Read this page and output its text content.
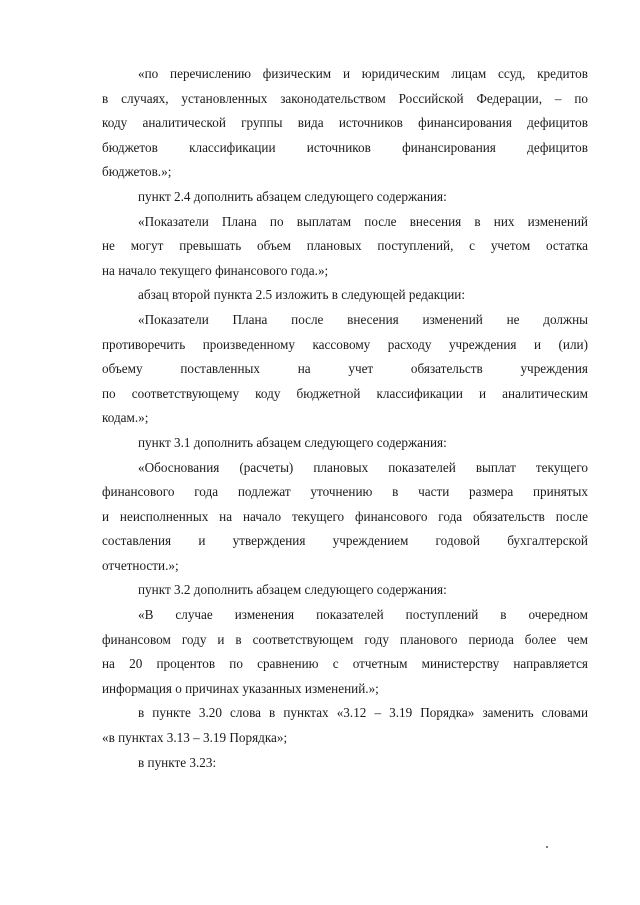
«по перечислению физическим и юридическим лицам ссуд, кредитов
в случаях, установленных законодательством Российской Федерации, – по
коду аналитической группы вида источников финансирования дефицитов
бюджетов классификации источников финансирования дефицитов
бюджетов.»;
пункт 2.4 дополнить абзацем следующего содержания:
«Показатели Плана по выплатам после внесения в них изменений
не могут превышать объем плановых поступлений, с учетом остатка
на начало текущего финансового года.»;
абзац второй пункта 2.5 изложить в следующей редакции:
«Показатели Плана после внесения изменений не должны
противоречить произведенному кассовому расходу учреждения и (или)
объему поставленных на учет обязательств учреждения
по соответствующему коду бюджетной классификации и аналитическим
кодам.»;
пункт 3.1 дополнить абзацем следующего содержания:
«Обоснования (расчеты) плановых показателей выплат текущего
финансового года подлежат уточнению в части размера принятых
и неисполненных на начало текущего финансового года обязательств после
составления и утверждения учреждением годовой бухгалтерской
отчетности.»;
пункт 3.2 дополнить абзацем следующего содержания:
«В случае изменения показателей поступлений в очередном
финансовом году и в соответствующем году планового периода более чем
на 20 процентов по сравнению с отчетным министерству направляется
информация о причинах указанных изменений.»;
в пункте 3.20 слова в пунктах «3.12 – 3.19 Порядка» заменить словами
«в пунктах 3.13 – 3.19 Порядка»;
в пункте 3.23:
